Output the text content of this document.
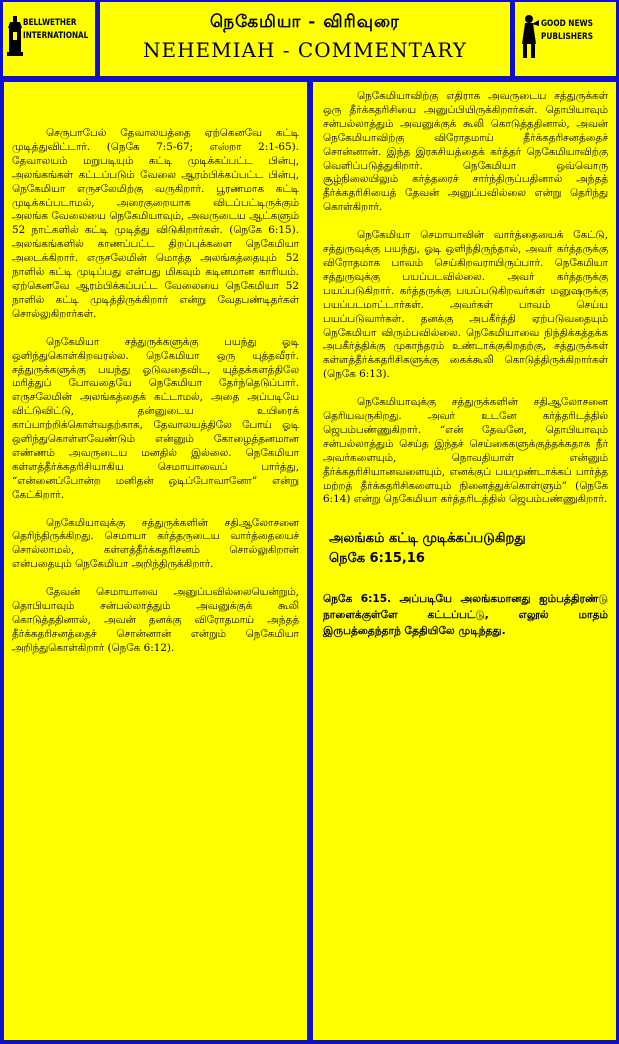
BELLWETHER INTERNATIONAL
நெகேமியா - விரிவுரை
NEHEMIAH - COMMENTARY
GOOD NEWS PUBLISHERS

செருபாபேல் தேவாலயத்தை ஏற்கெனவே கட்டி முடித்துவிட்டார். (நெகே 7:5-67; எஸ்றா 2:1-65). தேவாலயம் மறுபடியும் கட்டி முடிக்கப்பட்ட பின்பு, அலங்கங்கள் கட்டப்படும் வேலை ஆரம்பிக்கப்பட்ட பின்பு, நெகேமியா எருசலேமிற்கு வருகிறார். பூரணமாக கட்டி முடிக்கப்படாமல், அரைகுறையாக விடப்பட்டிருக்கும் அலங்க வேலையை நெகேமியாவும், அவருடைய ஆட்களும் 52 நாட்களில் கட்டி முடித்து விடுகிறார்கள். (நெகே 6:15). அலங்கங்களில் காணப்பட்ட திறப்புக்களை நெகேமியா அடைக்கிறார். எருசலேமின் மொத்த அலங்கத்தையும் 52 நாளில் கட்டி முடிப்பது என்பது மிகவும் கடினமான காரியம். ஏற்கெனவே ஆரம்பிக்கப்பட்ட வேலையை நெகேமியா 52 நாளில் கட்டி முடித்திருக்கிறார் என்று வேதபண்டிதர்கள் சொல்லுகிறார்கள்.

நெகேமியா சத்துருக்களுக்கு பயந்து ஓடி ஒளிந்துகொள்கிறவரல்ல. நெகேமியா ஒரு யுத்தவீரர். சத்துருக்களுக்கு பயந்து ஓடுவதைவிட, யுத்தக்களத்திலே மரித்துப் போவதையே நெகேமியா தேர்ந்தெடுப்பார். எருசலேமின் அலங்கத்தைக் கட்டாமல், அதை அப்படியே விட்டுவிட்டு, தன்னுடைய உயிரைக் காப்பாற்றிக்கொள்வதற்காக, தேவாலயத்திலே போய் ஓடி ஒளிந்துகொள்ளவேண்டும் என்னும் கோழைத்தனமான எண்ணம் அவருடைய மனதில் இல்லை. நெகேமியா கள்ளத்தீர்க்கதரிசியாகிய செமாயாவைப் பார்த்து, “என்னைப்போன்ற மனிதன் ஒடிப்போவானோ” என்று கேட்கிறார்.

நெகேமியாவுக்கு சத்துருக்களின் சதிஆலோசனை தெரிந்திருக்கிறது. செமாயா கர்த்தருடைய வார்த்தையைச் சொல்லாமல், கள்ளத்தீர்க்கதரிசனம் சொல்லுகிறான் என்பதையும் நெகேமியா அறிந்திருக்கிறார்.

தேவன் செமாயாவை அனுப்பவில்லையென்றும், தொபியாவும் சன்பல்லாத்தும் அவனுக்குக் கூலி கொடுத்ததினால், அவன் தனக்கு விரோதமாய் அந்தத் தீர்க்கதரிசனத்தைச் சொன்னான் என்றும் நெகேமியா அறிந்துகொள்கிறார் (நெகே 6:12).

நெகேமியாவிற்கு எதிராக அவருடைய சத்துருக்கள் ஒரு தீர்க்கதரிசியை அனுப்பியிருக்கிறார்கள். தொபியாவும் சன்பல்லாத்தும் அவனுக்குக் கூலி கொடுத்ததினால், அவன் நெகேமியாவிற்கு விரோதமாய் தீர்க்கதரிசனத்தைச் சொன்னான். இந்த இரகசியத்தைக் கர்த்தர் நெகேமியாவிற்கு வெளிப்படுத்துகிறார். நெகேமியா ஒவ்வொரு சூழ்நிலையிலும் கர்த்தரைச் சார்ந்திருப்பதினால் அந்தத் தீர்க்கதரிசியைத் தேவன் அனுப்பவில்லை என்று தெரிந்து கொள்கிறார்.

நெகேமியா செமாயாவின் வார்த்தையைக் கேட்டு, சத்துருவுக்கு பயந்து, ஓடி ஒளிந்திருந்தால், அவர் கர்த்தருக்கு விரோதமாக பாவம் செய்கிறவராயிருப்பார். நெகேமியா சத்துருவுக்கு பயப்படவில்லை. அவர் கர்த்தருக்கு பயப்படுகிறார். கர்த்தருக்கு பயப்படுகிறவர்கள் மனுஷருக்கு பயப்படமாட்டார்கள். அவர்கள் பாவம் செய்ய பயப்படுவார்கள். தனக்கு அபகீர்த்தி ஏற்படுவதையும் நெகேமியா விரும்பவில்லை. நெகேமியாவை நிந்திக்கத்தக்க அபகீர்த்திக்கு முகாந்தரம் உண்டாக்குகிறதற்கு, சத்துருக்கள் கள்ளத்தீர்க்கதரிசிகளுக்கு கைக்கூலி கொடுத்திருக்கிறார்கள் (நெகே 6:13).

நெகேமியாவுக்கு சத்துருக்களின் சதிஆலோசனை தெரியவருகிறது. அவர் உடனே கர்த்தரிடத்தில் ஜெபம்பண்ணுகிறார். “என் தேவனே, தொபியாவும் சன்பல்லாத்தும் செய்த இந்தச் செய்கைகளுக்குத்தக்கதாக நீர் அவர்களையும், நொவதியாள் என்னும் தீர்க்கதரிசியானவளையும், எனக்குப் பயமுண்டாக்கப் பார்த்த மற்றத் தீர்க்கதரிசிகளையும் நினைத்துக்கொள்ளும்” (நெகே 6:14) என்று நெகேமியா கர்த்தரிடத்தில் ஜெபம்பண்ணுகிறார்.

அலங்கம் கட்டி முடிக்கப்படுகிறது
நெகே 6:15,16
நெகே 6:15. அப்படியே அலங்கமானது ஐம்பத்திரண்டு நாளைக்குள்ளே கட்டப்பட்டு, எலூல் மாதம் இருபத்தைந்தாந் தேதியிலே முடிந்தது.
